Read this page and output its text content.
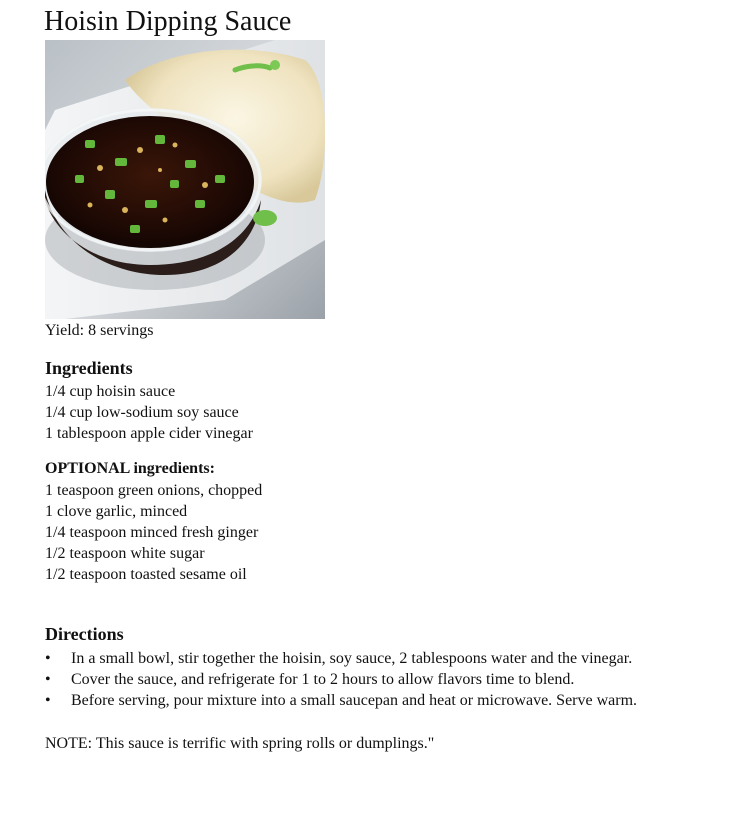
Hoisin Dipping Sauce
Yield: 8 servings
Ingredients
1/4 cup hoisin sauce
1/4 cup low-sodium soy sauce
1 tablespoon apple cider vinegar
OPTIONAL ingredients:
1 teaspoon green onions, chopped
1 clove garlic, minced
1/4 teaspoon minced fresh ginger
1/2 teaspoon white sugar
1/2 teaspoon toasted sesame oil
Directions
• In a small bowl, stir together the hoisin, soy sauce, 2 tablespoons water and the vinegar.
• Cover the sauce, and refrigerate for 1 to 2 hours to allow flavors time to blend.
• Before serving, pour mixture into a small saucepan and heat or microwave. Serve warm.
NOTE: This sauce is terrific with spring rolls or dumplings."
